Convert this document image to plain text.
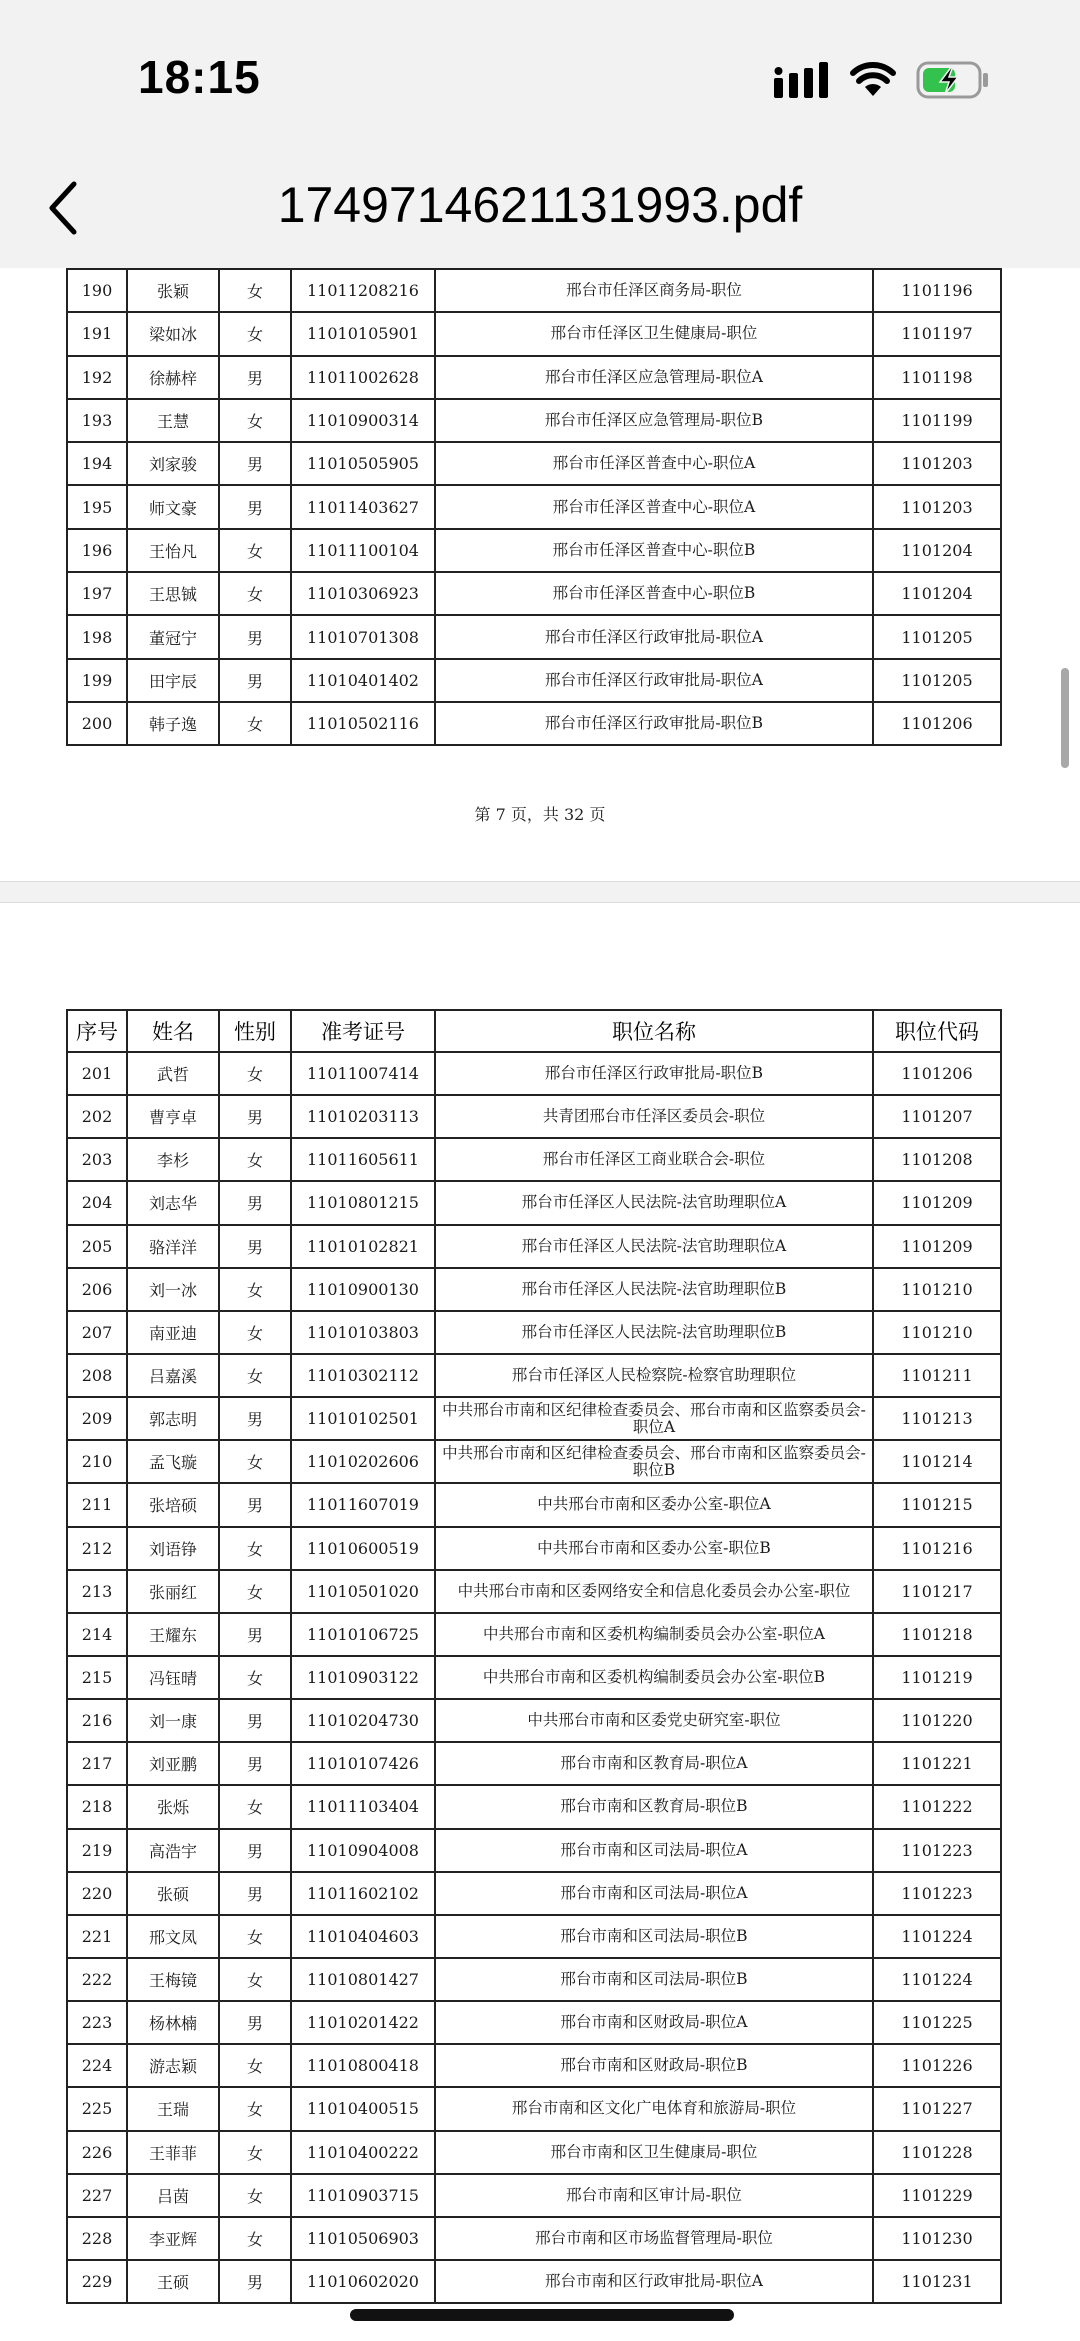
18:15
1749714621131993.pdf
190	张颖	女	11011208216	邢台市任泽区商务局-职位	1101196
191	梁如冰	女	11010105901	邢台市任泽区卫生健康局-职位	1101197
192	徐赫梓	男	11011002628	邢台市任泽区应急管理局-职位A	1101198
193	王慧	女	11010900314	邢台市任泽区应急管理局-职位B	1101199
194	刘家骏	男	11010505905	邢台市任泽区普查中心-职位A	1101203
195	师文豪	男	11011403627	邢台市任泽区普查中心-职位A	1101203
196	王怡凡	女	11011100104	邢台市任泽区普查中心-职位B	1101204
197	王思铖	女	11010306923	邢台市任泽区普查中心-职位B	1101204
198	董冠宁	男	11010701308	邢台市任泽区行政审批局-职位A	1101205
199	田宇辰	男	11010401402	邢台市任泽区行政审批局-职位A	1101205
200	韩子逸	女	11010502116	邢台市任泽区行政审批局-职位B	1101206
第 7 页，共 32 页
序号	姓名	性别	准考证号	职位名称	职位代码
201	武哲	女	11011007414	邢台市任泽区行政审批局-职位B	1101206
202	曹亨卓	男	11010203113	共青团邢台市任泽区委员会-职位	1101207
203	李杉	女	11011605611	邢台市任泽区工商业联合会-职位	1101208
204	刘志华	男	11010801215	邢台市任泽区人民法院-法官助理职位A	1101209
205	骆洋洋	男	11010102821	邢台市任泽区人民法院-法官助理职位A	1101209
206	刘一冰	女	11010900130	邢台市任泽区人民法院-法官助理职位B	1101210
207	南亚迪	女	11010103803	邢台市任泽区人民法院-法官助理职位B	1101210
208	吕嘉溪	女	11010302112	邢台市任泽区人民检察院-检察官助理职位	1101211
209	郭志明	男	11010102501	中共邢台市南和区纪律检查委员会、邢台市南和区监察委员会-职位A	1101213
210	孟飞璇	女	11010202606	中共邢台市南和区纪律检查委员会、邢台市南和区监察委员会-职位B	1101214
211	张培硕	男	11011607019	中共邢台市南和区委办公室-职位A	1101215
212	刘语铮	女	11010600519	中共邢台市南和区委办公室-职位B	1101216
213	张丽红	女	11010501020	中共邢台市南和区委网络安全和信息化委员会办公室-职位	1101217
214	王耀东	男	11010106725	中共邢台市南和区委机构编制委员会办公室-职位A	1101218
215	冯钰晴	女	11010903122	中共邢台市南和区委机构编制委员会办公室-职位B	1101219
216	刘一康	男	11010204730	中共邢台市南和区委党史研究室-职位	1101220
217	刘亚鹏	男	11010107426	邢台市南和区教育局-职位A	1101221
218	张烁	女	11011103404	邢台市南和区教育局-职位B	1101222
219	高浩宇	男	11010904008	邢台市南和区司法局-职位A	1101223
220	张硕	男	11011602102	邢台市南和区司法局-职位A	1101223
221	邢文凤	女	11010404603	邢台市南和区司法局-职位B	1101224
222	王梅镜	女	11010801427	邢台市南和区司法局-职位B	1101224
223	杨林楠	男	11010201422	邢台市南和区财政局-职位A	1101225
224	游志颖	女	11010800418	邢台市南和区财政局-职位B	1101226
225	王瑞	女	11010400515	邢台市南和区文化广电体育和旅游局-职位	1101227
226	王菲菲	女	11010400222	邢台市南和区卫生健康局-职位	1101228
227	吕茵	女	11010903715	邢台市南和区审计局-职位	1101229
228	李亚辉	女	11010506903	邢台市南和区市场监督管理局-职位	1101230
229	王硕	男	11010602020	邢台市南和区行政审批局-职位A	1101231
